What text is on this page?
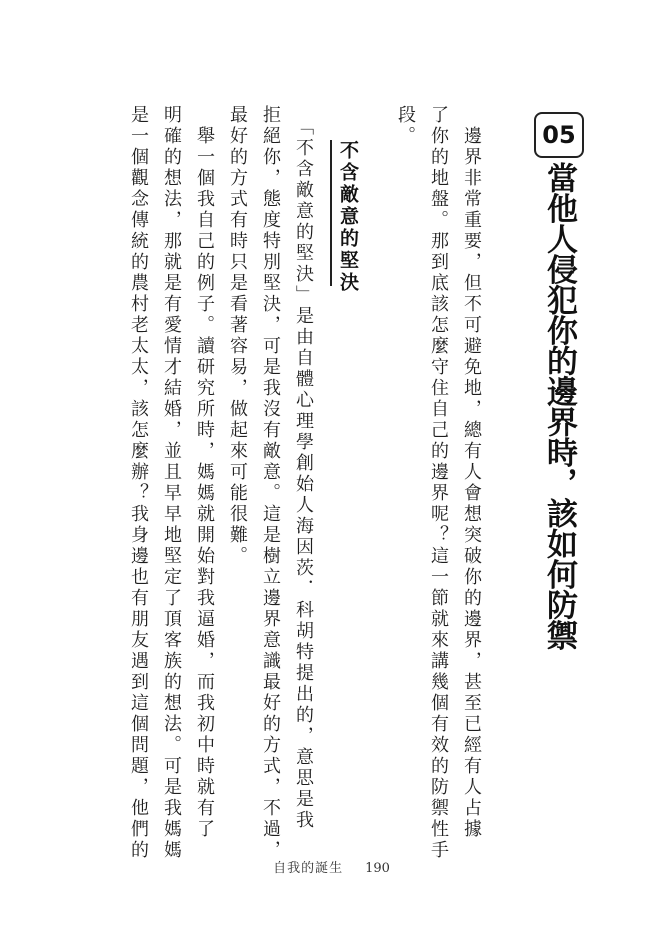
05
當他人侵犯你的邊界時，該如何防禦
　邊界非常重要，但不可避免地，總有人會想突破你的邊界，甚至已經有人占據
了你的地盤。那到底該怎麼守住自己的邊界呢？這一節就來講幾個有效的防禦性手
段。
不含敵意的堅決
　「不含敵意的堅決」是由自體心理學創始人海因茨．科胡特提出的，意思是我
拒絕你，態度特別堅決，可是我沒有敵意。這是樹立邊界意識最好的方式，不過，
最好的方式有時只是看著容易，做起來可能很難。
　舉一個我自己的例子。讀研究所時，媽媽就開始對我逼婚，而我初中時就有了
明確的想法，那就是有愛情才結婚，並且早早地堅定了頂客族的想法。可是我媽媽
是一個觀念傳統的農村老太太，該怎麼辦？我身邊也有朋友遇到這個問題，他們的
自我的誕生 190
